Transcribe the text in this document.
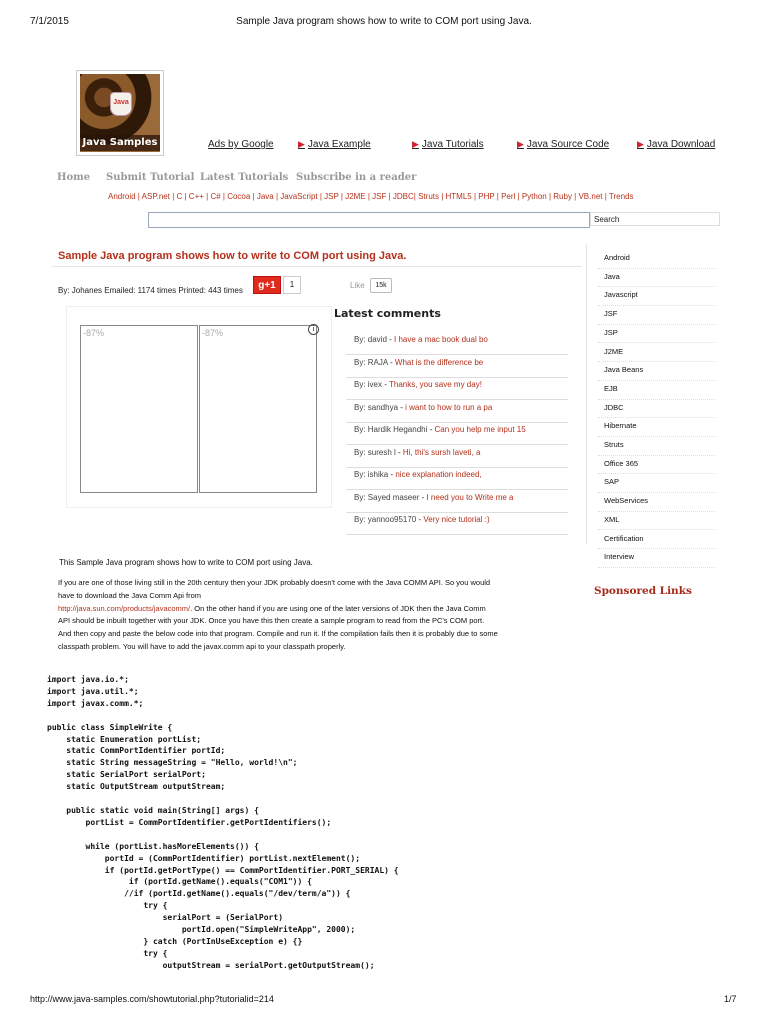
7/1/2015	Sample Java program shows how to write to COM port using Java.
Java
Java Samples	Ads by Google	▶ Java Example	▶ Java Tutorials	▶ Java Source Code	▶ Java Download
Home Submit Tutorial Latest Tutorials Subscribe in a reader
Android | ASP.net | C | C++ | C# | Cocoa | Java | JavaScript | JSP | J2ME | JSF | JDBC| Struts | HTML5 | PHP | Perl | Python | Ruby | VB.net | Trends
Search
Sample Java program shows how to write to COM port using Java.
By: Johanes Emailed: 1174 times Printed: 443 times	g+1	1	Like	15k
-87%	-87%	i
Latest comments
By: david - I have a mac book dual bo
By: RAJA - What is the difference be
By: ivex - Thanks, you save my day!
By: sandhya - i want to how to run a pa
By: Hardik Hegandhi - Can you help me input 15
By: suresh l - Hi, thi's sursh laveti, a
By: ishika - nice explanation indeed,
By: Sayed maseer - I need you to Write me a
By: yannoo95170 - Very nice tutorial :)
Android
Java
Javascript
JSF
JSP
J2ME
Java Beans
EJB
JDBC
Hibernate
Struts
Office 365
SAP
WebServices
XML
Certification
Interview
Sponsored Links
This Sample Java program shows how to write to COM port using Java.
If you are one of those living still in the 20th century then your JDK probably doesn't come with the Java COMM API. So you would have to download the Java Comm Api from
http://java.sun.com/products/javacomm/. On the other hand if you are using one of the later versions of JDK then the Java Comm API should be inbuilt together with your JDK. Once you have this then create a sample program to read from the PC's COM port. And then copy and paste the below code into that program. Compile and run it. If the compilation fails then it is probably due to some classpath problem. You will have to add the javax.comm api to your classpath properly.
import java.io.*;
import java.util.*;
import javax.comm.*;

public class SimpleWrite {
static Enumeration portList;
static CommPortIdentifier portId;
static String messageString = "Hello, world!\n";
static SerialPort serialPort;
static OutputStream outputStream;

public static void main(String[] args) {
portList = CommPortIdentifier.getPortIdentifiers();

while (portList.hasMoreElements()) {
portId = (CommPortIdentifier) portList.nextElement();
if (portId.getPortType() == CommPortIdentifier.PORT_SERIAL) {
if (portId.getName().equals("COM1")) {
//if (portId.getName().equals("/dev/term/a")) {
try {
serialPort = (SerialPort)
portId.open("SimpleWriteApp", 2000);
} catch (PortInUseException e) {}
try {
outputStream = serialPort.getOutputStream();
http://www.java-samples.com/showtutorial.php?tutorialid=214	1/7
